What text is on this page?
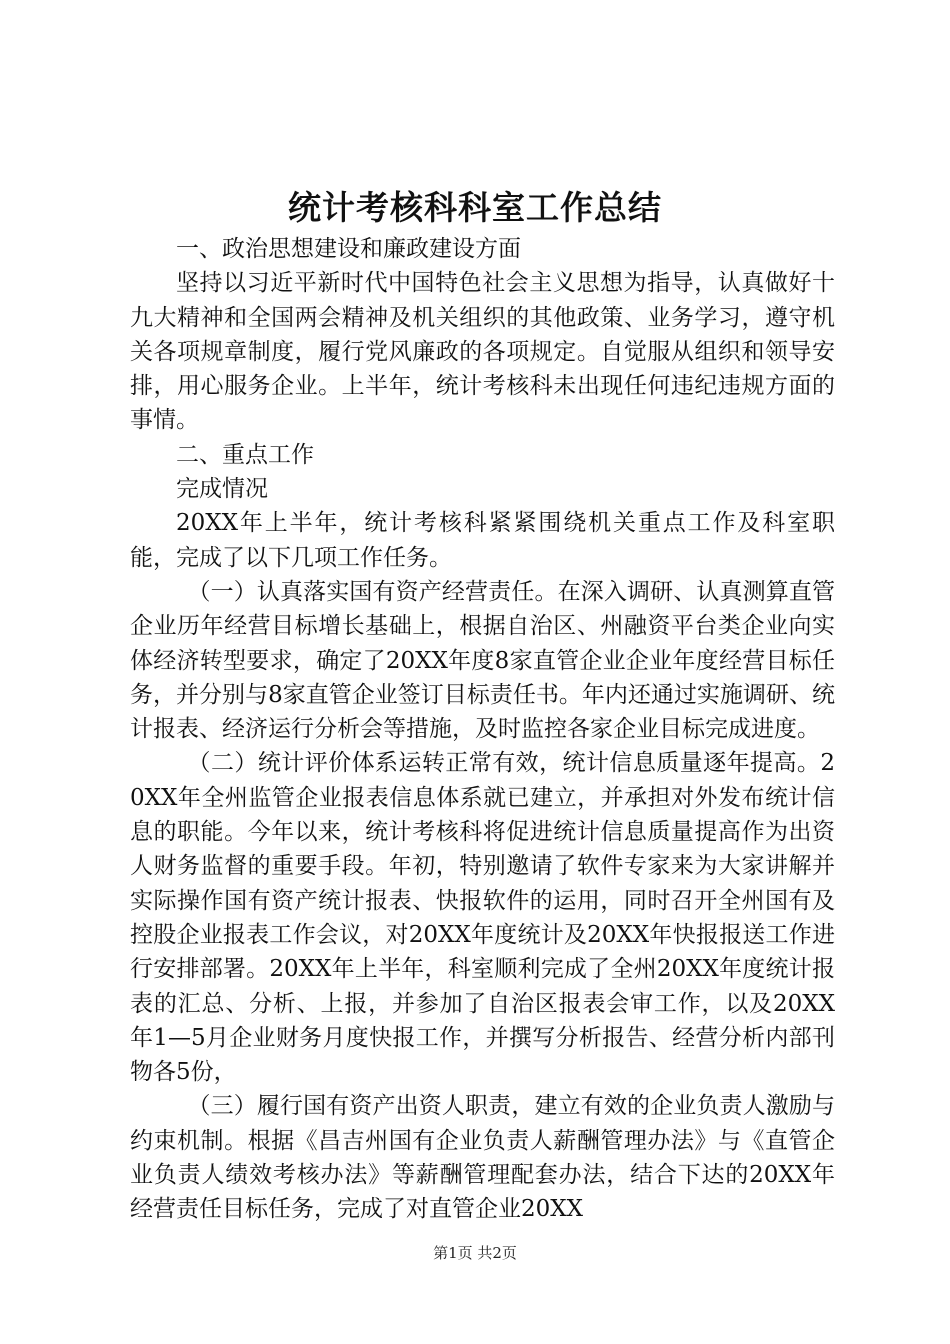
统计考核科科室工作总结

一、政治思想建设和廉政建设方面

坚持以习近平新时代中国特色社会主义思想为指导，认真做好十九大精神和全国两会精神及机关组织的其他政策、业务学习，遵守机关各项规章制度，履行党风廉政的各项规定。自觉服从组织和领导安排，用心服务企业。上半年，统计考核科未出现任何违纪违规方面的事情。

二、重点工作

完成情况

20XX年上半年，统计考核科紧紧围绕机关重点工作及科室职能，完成了以下几项工作任务。

（一）认真落实国有资产经营责任。在深入调研、认真测算直管企业历年经营目标增长基础上，根据自治区、州融资平台类企业向实体经济转型要求，确定了20XX年度8家直管企业企业年度经营目标任务，并分别与8家直管企业签订目标责任书。年内还通过实施调研、统计报表、经济运行分析会等措施，及时监控各家企业目标完成进度。

（二）统计评价体系运转正常有效，统计信息质量逐年提高。20XX年全州监管企业报表信息体系就已建立，并承担对外发布统计信息的职能。今年以来，统计考核科将促进统计信息质量提高作为出资人财务监督的重要手段。年初，特别邀请了软件专家来为大家讲解并实际操作国有资产统计报表、快报软件的运用，同时召开全州国有及控股企业报表工作会议，对20XX年度统计及20XX年快报报送工作进行安排部署。20XX年上半年，科室顺利完成了全州20XX年度统计报表的汇总、分析、上报，并参加了自治区报表会审工作，以及20XX年1—5月企业财务月度快报工作，并撰写分析报告、经营分析内部刊物各5份，

（三）履行国有资产出资人职责，建立有效的企业负责人激励与约束机制。根据《昌吉州国有企业负责人薪酬管理办法》与《直管企业负责人绩效考核办法》等薪酬管理配套办法，结合下达的20XX年经营责任目标任务，完成了对直管企业20XX

第1页 共2页
